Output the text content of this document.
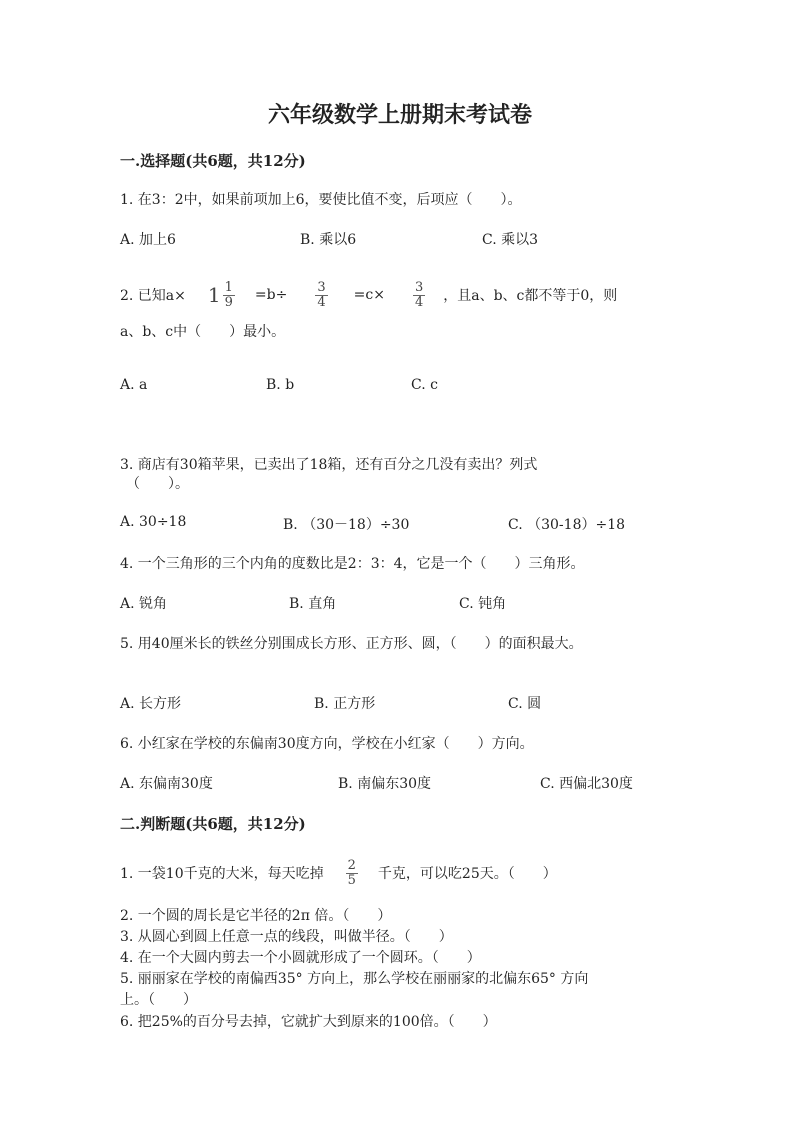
六年级数学上册期末考试卷
一.选择题(共6题，共12分)
1. 在3：2中，如果前项加上6，要使比值不变，后项应（　　）。
A. 加上6	B. 乘以6	C. 乘以3
2. 已知$a\times 1 \frac{1}{9} =b\div \frac{3}{4} =c\times \frac{3}{4}$ ，且a、b、c都不等于0，则
a、b、c中（　　）最小。
A. a	B. b	C. c
3. 商店有30箱苹果，已卖出了18箱，还有百分之几没有卖出？列式
（　　）。
A. 30÷18	B. （30－18）÷30	C. （30-18）÷18
4. 一个三角形的三个内角的度数比是2：3：4，它是一个（　　）三角形。
A. 锐角	B. 直角	C. 钝角
5. 用40厘米长的铁丝分别围成长方形、正方形、圆，（　　）的面积最大。
A. 长方形	B. 正方形	C. 圆
6. 小红家在学校的东偏南30度方向，学校在小红家（　　）方向。
A. 东偏南30度	B. 南偏东30度	C. 西偏北30度
二.判断题(共6题，共12分)
1. 一袋10千克的大米，每天吃掉 $\frac{2}{5}$ 千克，可以吃25天。（　　）
2. 一个圆的周长是它半径的2π 倍。（　　）
3. 从圆心到圆上任意一点的线段，叫做半径。（　　）
4. 在一个大圆内剪去一个小圆就形成了一个圆环。（　　）
5. 丽丽家在学校的南偏西35° 方向上，那么学校在丽丽家的北偏东65° 方向
上。（　　）
6. 把25%的百分号去掉，它就扩大到原来的100倍。（　　）
